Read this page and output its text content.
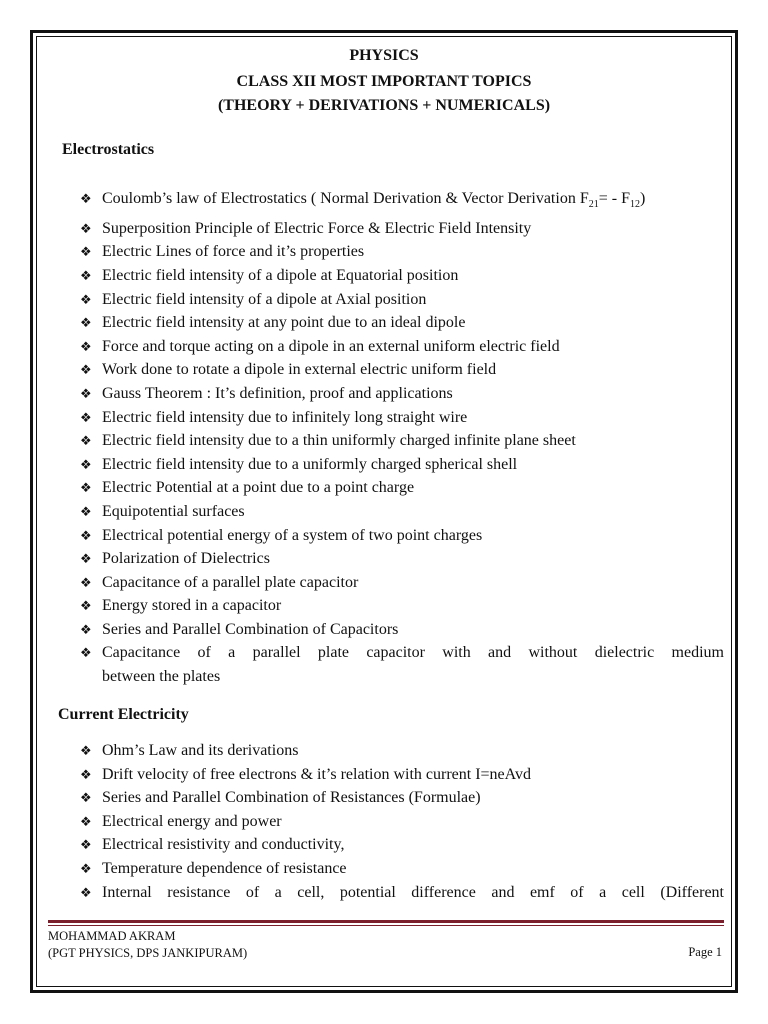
PHYSICS
CLASS XII MOST IMPORTANT TOPICS
(THEORY + DERIVATIONS + NUMERICALS)
Electrostatics
❖ Coulomb’s law of Electrostatics ( Normal Derivation & Vector Derivation $F_{21}= - F_{12}$)
❖ Superposition Principle of Electric Force & Electric Field Intensity
❖ Electric Lines of force and it’s properties
❖ Electric field intensity of a dipole at Equatorial position
❖ Electric field intensity of a dipole at Axial position
❖ Electric field intensity at any point due to an ideal dipole
❖ Force and torque acting on a dipole in an external uniform electric field
❖ Work done to rotate a dipole in external electric uniform field
❖ Gauss Theorem : It’s definition, proof and applications
❖ Electric field intensity due to infinitely long straight wire
❖ Electric field intensity due to a thin uniformly charged infinite plane sheet
❖ Electric field intensity due to a uniformly charged spherical shell
❖ Electric Potential at a point due to a point charge
❖ Equipotential surfaces
❖ Electrical potential energy of a system of two point charges
❖ Polarization of Dielectrics
❖ Capacitance of a parallel plate capacitor
❖ Energy stored in a capacitor
❖ Series and Parallel Combination of Capacitors
❖ Capacitance of a parallel plate capacitor with and without dielectric medium
between the plates
Current Electricity
❖ Ohm’s Law and its derivations
❖ Drift velocity of free electrons & it’s relation with current I=neAvd
❖ Series and Parallel Combination of Resistances (Formulae)
❖ Electrical energy and power
❖ Electrical resistivity and conductivity,
❖ Temperature dependence of resistance
❖ Internal resistance of a cell, potential difference and emf of a cell (Different
MOHAMMAD AKRAM
(PGT PHYSICS, DPS JANKIPURAM)	Page 1
